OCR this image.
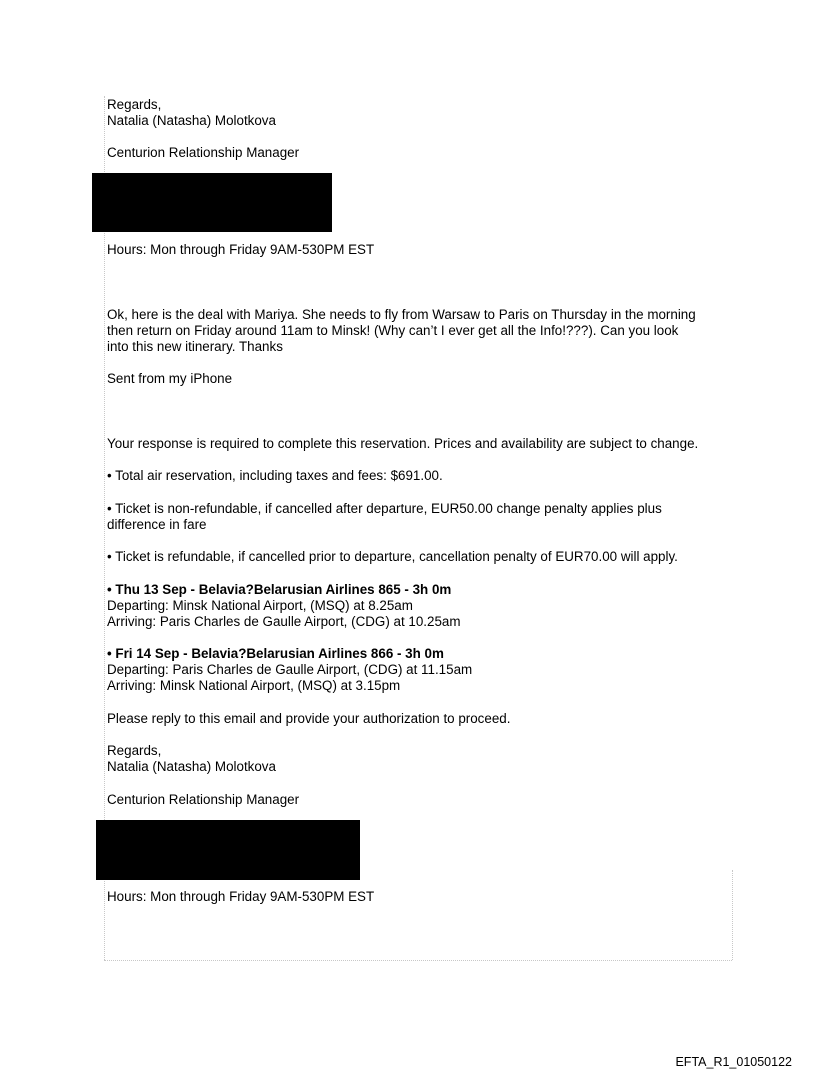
Regards,
Natalia (Natasha) Molotkova
Centurion Relationship Manager
Hours: Mon through Friday 9AM-530PM EST
Ok, here is the deal with Mariya. She needs to fly from Warsaw to Paris on Thursday in the morning
then return on Friday around 11am to Minsk! (Why can’t I ever get all the Info!???). Can you look
into this new itinerary. Thanks
Sent from my iPhone
Your response is required to complete this reservation. Prices and availability are subject to change.
• Total air reservation, including taxes and fees: $691.00.
• Ticket is non-refundable, if cancelled after departure, EUR50.00 change penalty applies plus
difference in fare
• Ticket is refundable, if cancelled prior to departure, cancellation penalty of EUR70.00 will apply.
• Thu 13 Sep - Belavia?Belarusian Airlines 865 - 3h 0m
Departing: Minsk National Airport, (MSQ) at 8.25am
Arriving: Paris Charles de Gaulle Airport, (CDG) at 10.25am
• Fri 14 Sep - Belavia?Belarusian Airlines 866 - 3h 0m
Departing: Paris Charles de Gaulle Airport, (CDG) at 11.15am
Arriving: Minsk National Airport, (MSQ) at 3.15pm
Please reply to this email and provide your authorization to proceed.
Regards,
Natalia (Natasha) Molotkova
Centurion Relationship Manager
Hours: Mon through Friday 9AM-530PM EST
EFTA_R1_01050122
